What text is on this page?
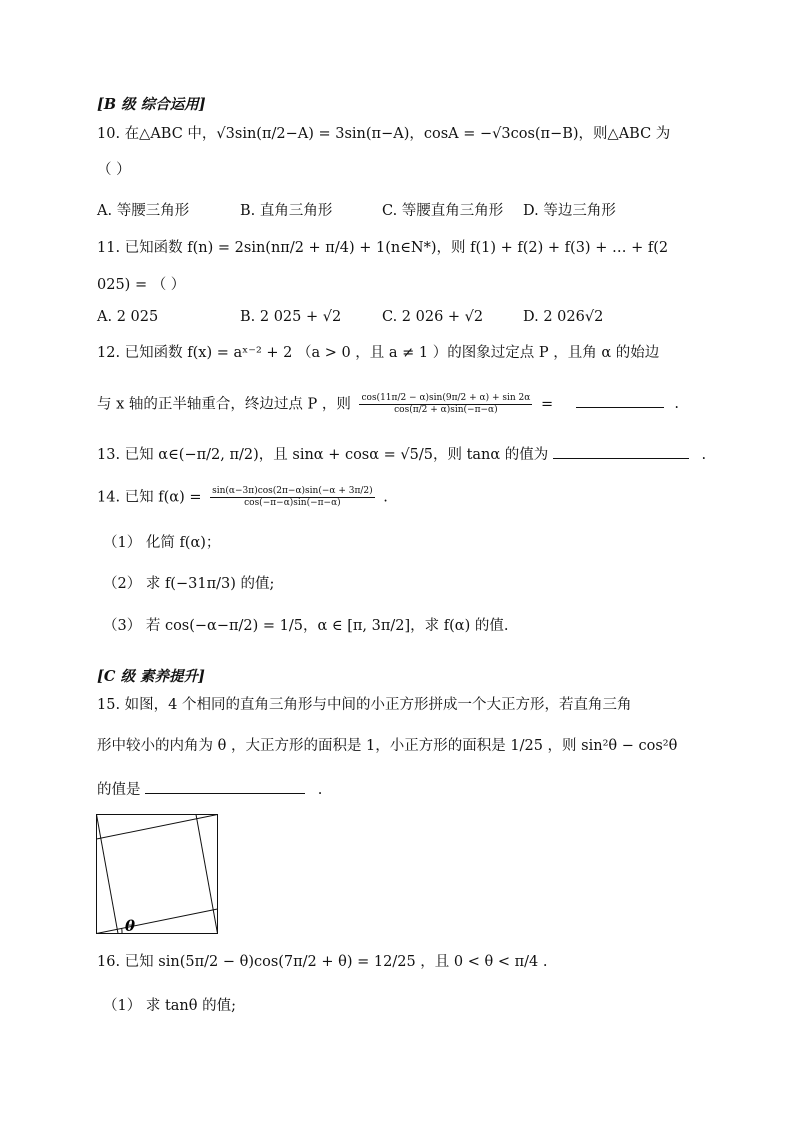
[B 级 综合运用]
10. 在△ABC 中，√3sin(π/2−A) = 3sin(π−A)，cosA = −√3cos(π−B)，则△ABC 为
（ ）
A. 等腰三角形	B. 直角三角形	C. 等腰直角三角形 D. 等边三角形
11. 已知函数 f(n) = 2sin(nπ/2 + π/4) + 1(n∈N*)，则 f(1) + f(2) + f(3) + … + f(2
025) = （ ）
A. 2 025	B. 2 025 + √2	C. 2 026 + √2	D. 2 026√2
12. 已知函数 f(x) = aˣ⁻² + 2 （a > 0 ，且 a ≠ 1 ）的图象过定点 P ，且角 α 的始边
与 x 轴的正半轴重合，终边过点 P ，则 $\frac{\cos(11\pi/2 - \alpha)\sin(9\pi/2 + \alpha) + \sin 2\alpha}{\cos(\pi/2 + \alpha)\sin(-\pi-\alpha)}$ =	.
13. 已知 α∈(−π/2, π/2)，且 sinα + cosα = √5/5，则 tanα 的值为	.
14. 已知 $f(\alpha) = \frac{\sin(\alpha-3\pi)\cos(2\pi-\alpha)\sin(-\alpha + 3\pi/2)}{\cos(-\pi-\alpha)\sin(-\pi-\alpha)}$ .
（1） 化简 f(α)；
（2） 求 f(−31π/3) 的值;
（3） 若 cos(−α−π/2) = 1/5，α ∈ [π, 3π/2]，求 f(α) 的值.
[C 级 素养提升]
15. 如图，4 个相同的直角三角形与中间的小正方形拼成一个大正方形，若直角三角
形中较小的内角为 θ ，大正方形的面积是 1，小正方形的面积是 1/25 ，则 sin²θ − cos²θ
的值是	.
θ
16. 已知 sin(5π/2 − θ)cos(7π/2 + θ) = 12/25 ，且 0 < θ < π/4 .
（1） 求 tanθ 的值;
